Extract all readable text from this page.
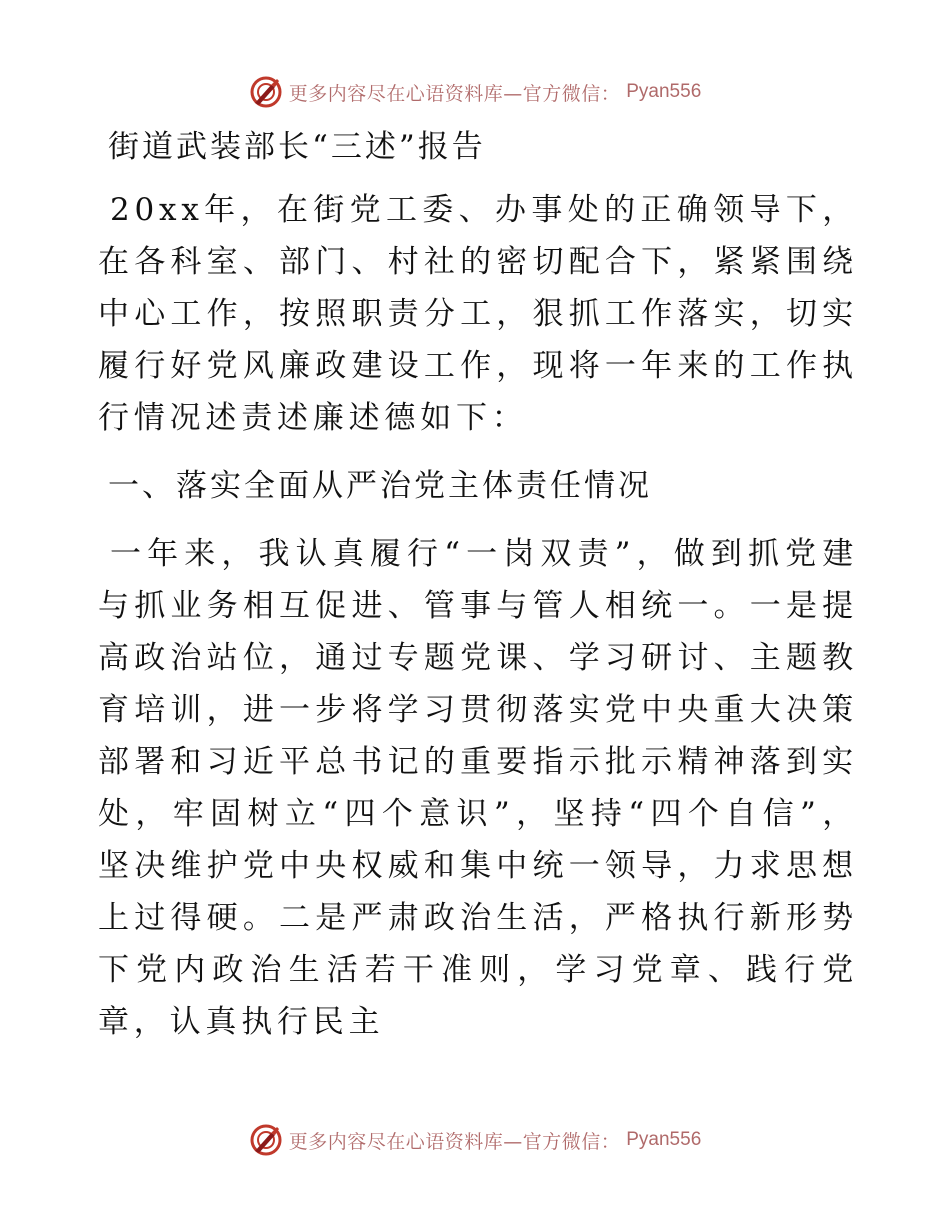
更多内容尽在心语资料库—官方微信： Pyan556
街道武装部长“三述”报告

20xx年，在街党工委、办事处的正确领导下，在各科室、部门、村社的密切配合下，紧紧围绕中心工作，按照职责分工，狠抓工作落实，切实履行好党风廉政建设工作，现将一年来的工作执行情况述责述廉述德如下：

一、落实全面从严治党主体责任情况

一年来，我认真履行“一岗双责”，做到抓党建与抓业务相互促进、管事与管人相统一。一是提高政治站位，通过专题党课、学习研讨、主题教育培训，进一步将学习贯彻落实党中央重大决策部署和习近平总书记的重要指示批示精神落到实处，牢固树立“四个意识”，坚持“四个自信”，坚决维护党中央权威和集中统一领导，力求思想上过得硬。二是严肃政治生活，严格执行新形势下党内政治生活若干准则，学习党章、践行党章，认真执行民主

更多内容尽在心语资料库—官方微信： Pyan556
